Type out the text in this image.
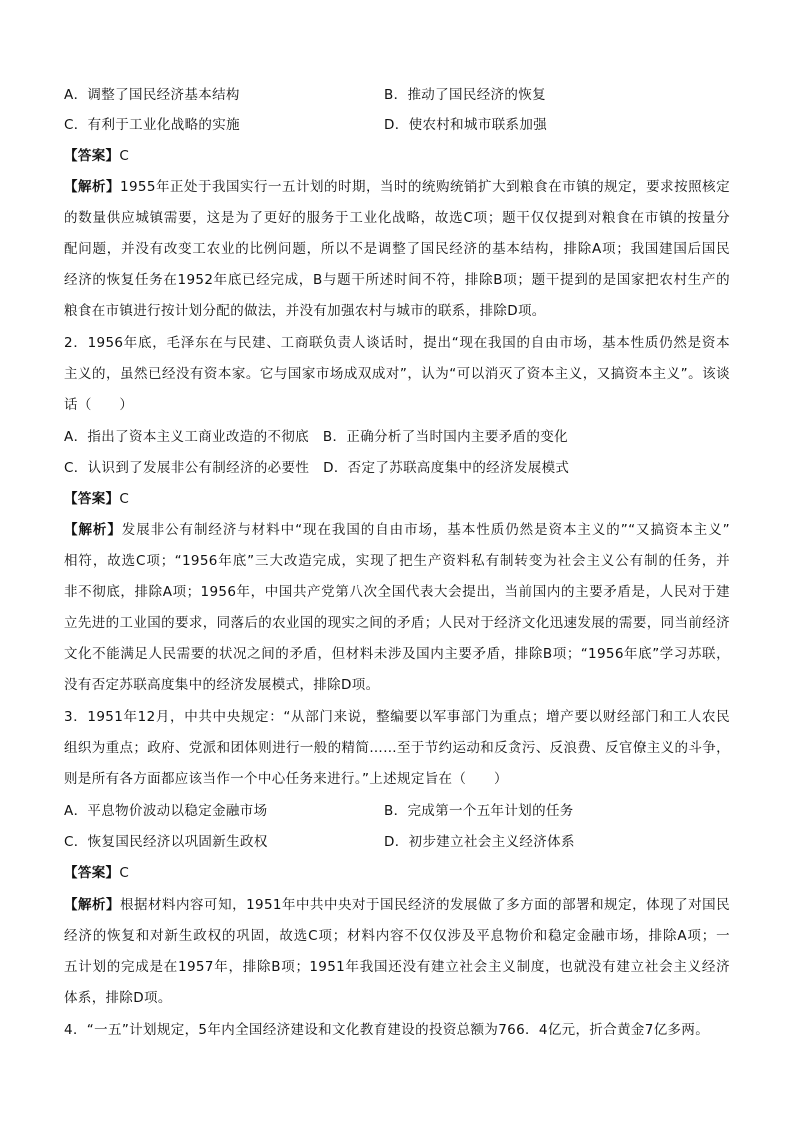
A．调整了国民经济基本结构	B．推动了国民经济的恢复
C．有利于工业化战略的实施	D．使农村和城市联系加强
【答案】C
【解析】1955年正处于我国实行一五计划的时期，当时的统购统销扩大到粮食在市镇的规定，要求按照核定
的数量供应城镇需要，这是为了更好的服务于工业化战略，故选C项；题干仅仅提到对粮食在市镇的按量分
配问题，并没有改变工农业的比例问题，所以不是调整了国民经济的基本结构，排除A项；我国建国后国民
经济的恢复任务在1952年底已经完成，B与题干所述时间不符，排除B项；题干提到的是国家把农村生产的
粮食在市镇进行按计划分配的做法，并没有加强农村与城市的联系，排除D项。
2．1956年底，毛泽东在与民建、工商联负责人谈话时，提出“现在我国的自由市场，基本性质仍然是资本
主义的，虽然已经没有资本家。它与国家市场成双成对”，认为“可以消灭了资本主义，又搞资本主义”。该谈
话（　　）
A．指出了资本主义工商业改造的不彻底　B．正确分析了当时国内主要矛盾的变化
C．认识到了发展非公有制经济的必要性　D．否定了苏联高度集中的经济发展模式
【答案】C
【解析】发展非公有制经济与材料中“现在我国的自由市场，基本性质仍然是资本主义的”“又搞资本主义”
相符，故选C项；“1956年底”三大改造完成，实现了把生产资料私有制转变为社会主义公有制的任务，并
非不彻底，排除A项；1956年，中国共产党第八次全国代表大会提出，当前国内的主要矛盾是，人民对于建
立先进的工业国的要求，同落后的农业国的现实之间的矛盾；人民对于经济文化迅速发展的需要，同当前经济
文化不能满足人民需要的状况之间的矛盾，但材料未涉及国内主要矛盾，排除B项；“1956年底”学习苏联，
没有否定苏联高度集中的经济发展模式，排除D项。
3．1951年12月，中共中央规定：“从部门来说，整编要以军事部门为重点；增产要以财经部门和工人农民
组织为重点；政府、党派和团体则进行一般的精简……至于节约运动和反贪污、反浪费、反官僚主义的斗争，
则是所有各方面都应该当作一个中心任务来进行。”上述规定旨在（　　）
A．平息物价波动以稳定金融市场	B．完成第一个五年计划的任务
C．恢复国民经济以巩固新生政权	D．初步建立社会主义经济体系
【答案】C
【解析】根据材料内容可知，1951年中共中央对于国民经济的发展做了多方面的部署和规定，体现了对国民
经济的恢复和对新生政权的巩固，故选C项；材料内容不仅仅涉及平息物价和稳定金融市场，排除A项；一
五计划的完成是在1957年，排除B项；1951年我国还没有建立社会主义制度，也就没有建立社会主义经济
体系，排除D项。
4．“一五”计划规定，5年内全国经济建设和文化教育建设的投资总额为766．4亿元，折合黄金7亿多两。
